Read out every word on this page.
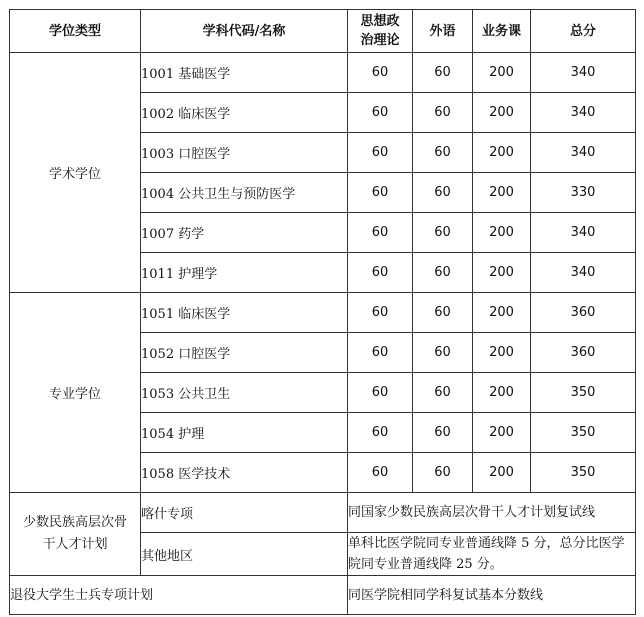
学位类型	学科代码/名称	思想政治理论	外语	业务课	总分
学术学位	1001 基础医学	60	60	200	340
	1002 临床医学	60	60	200	340
	1003 口腔医学	60	60	200	340
	1004 公共卫生与预防医学	60	60	200	330
	1007 药学	60	60	200	340
	1011 护理学	60	60	200	340
专业学位	1051 临床医学	60	60	200	360
	1052 口腔医学	60	60	200	360
	1053 公共卫生	60	60	200	350
	1054 护理	60	60	200	350
	1058 医学技术	60	60	200	350

少数民族高层次骨干人才计划	喀什专项	同国家少数民族高层次骨干人才计划复试线			
	其他地区	单科比医学院同专业普通线降 5 分，总分比医学院同专业普通线降 25 分。			
退役大学生士兵专项计划		同医学院相同学科复试基本分数线			
